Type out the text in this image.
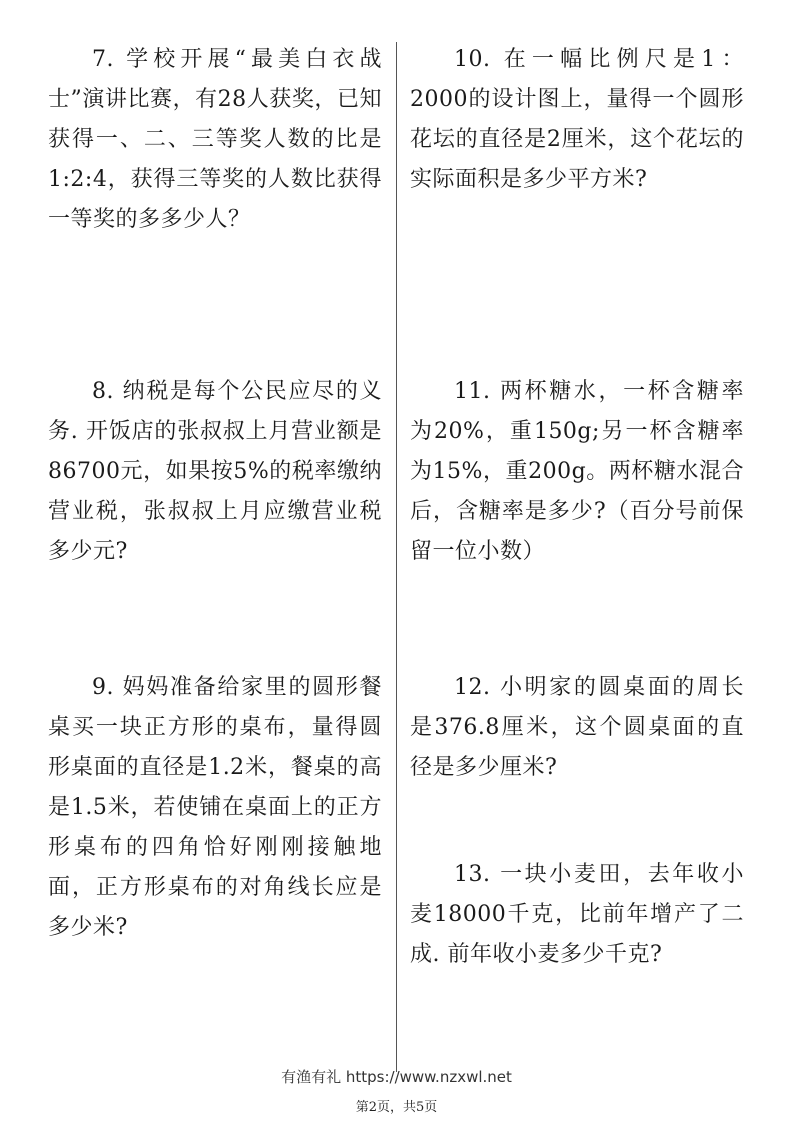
7. 学校开展“最美白衣战士”演讲比赛，有28人获奖，已知获得一、二、三等奖人数的比是1:2:4，获得三等奖的人数比获得一等奖的多多少人？
8. 纳税是每个公民应尽的义务. 开饭店的张叔叔上月营业额是86700元，如果按5%的税率缴纳营业税，张叔叔上月应缴营业税多少元?
9. 妈妈准备给家里的圆形餐桌买一块正方形的桌布，量得圆形桌面的直径是1.2米，餐桌的高是1.5米，若使铺在桌面上的正方形桌布的四角恰好刚刚接触地面，正方形桌布的对角线长应是多少米?
10. 在一幅比例尺是1：2000的设计图上，量得一个圆形花坛的直径是2厘米，这个花坛的实际面积是多少平方米?
11. 两杯糖水，一杯含糖率为20%，重150g;另一杯含糖率为15%，重200g。两杯糖水混合后，含糖率是多少?（百分号前保留一位小数）
12. 小明家的圆桌面的周长是376.8厘米，这个圆桌面的直径是多少厘米?
13. 一块小麦田，去年收小麦18000千克，比前年增产了二成. 前年收小麦多少千克?
有渔有礼 https://www.nzxwl.net
第2页，共5页
